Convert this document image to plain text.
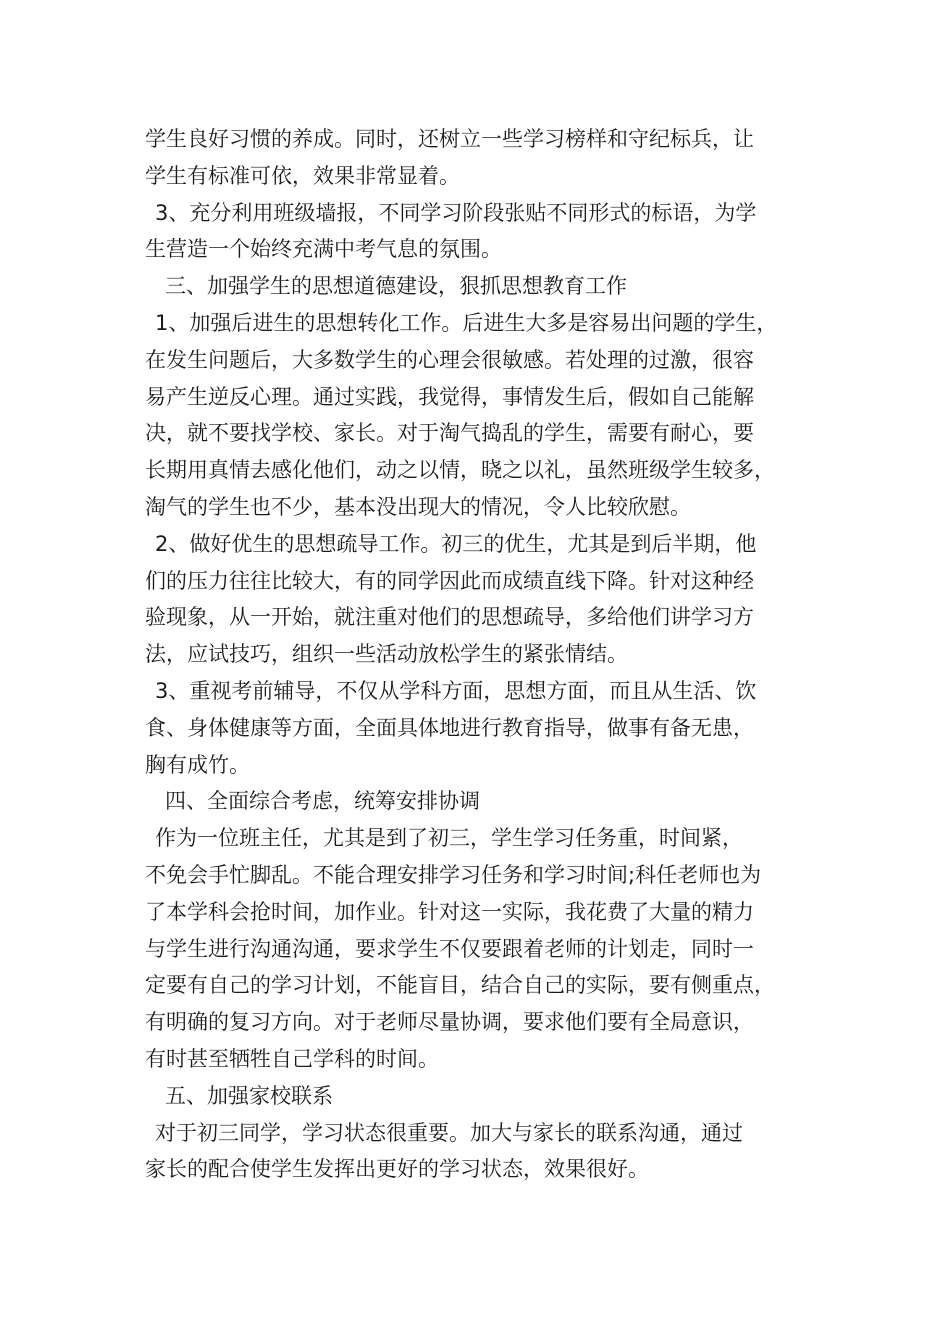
学生良好习惯的养成。同时，还树立一些学习榜样和守纪标兵，让
学生有标准可依，效果非常显着。
3、充分利用班级墙报，不同学习阶段张贴不同形式的标语，为学
生营造一个始终充满中考气息的氛围。
三、加强学生的思想道德建设，狠抓思想教育工作
1、加强后进生的思想转化工作。后进生大多是容易出问题的学生，
在发生问题后，大多数学生的心理会很敏感。若处理的过激，很容
易产生逆反心理。通过实践，我觉得，事情发生后，假如自己能解
决，就不要找学校、家长。对于淘气捣乱的学生，需要有耐心，要
长期用真情去感化他们，动之以情，晓之以礼，虽然班级学生较多，
淘气的学生也不少，基本没出现大的情况，令人比较欣慰。
2、做好优生的思想疏导工作。初三的优生，尤其是到后半期，他
们的压力往往比较大，有的同学因此而成绩直线下降。针对这种经
验现象，从一开始，就注重对他们的思想疏导，多给他们讲学习方
法，应试技巧，组织一些活动放松学生的紧张情结。
3、重视考前辅导，不仅从学科方面，思想方面，而且从生活、饮
食、身体健康等方面，全面具体地进行教育指导，做事有备无患，
胸有成竹。
四、全面综合考虑，统筹安排协调
作为一位班主任，尤其是到了初三，学生学习任务重，时间紧，
不免会手忙脚乱。不能合理安排学习任务和学习时间;科任老师也为
了本学科会抢时间，加作业。针对这一实际，我花费了大量的精力
与学生进行沟通沟通，要求学生不仅要跟着老师的计划走，同时一
定要有自己的学习计划，不能盲目，结合自己的实际，要有侧重点，
有明确的复习方向。对于老师尽量协调，要求他们要有全局意识，
有时甚至牺牲自己学科的时间。
五、加强家校联系
对于初三同学，学习状态很重要。加大与家长的联系沟通，通过
家长的配合使学生发挥出更好的学习状态，效果很好。
